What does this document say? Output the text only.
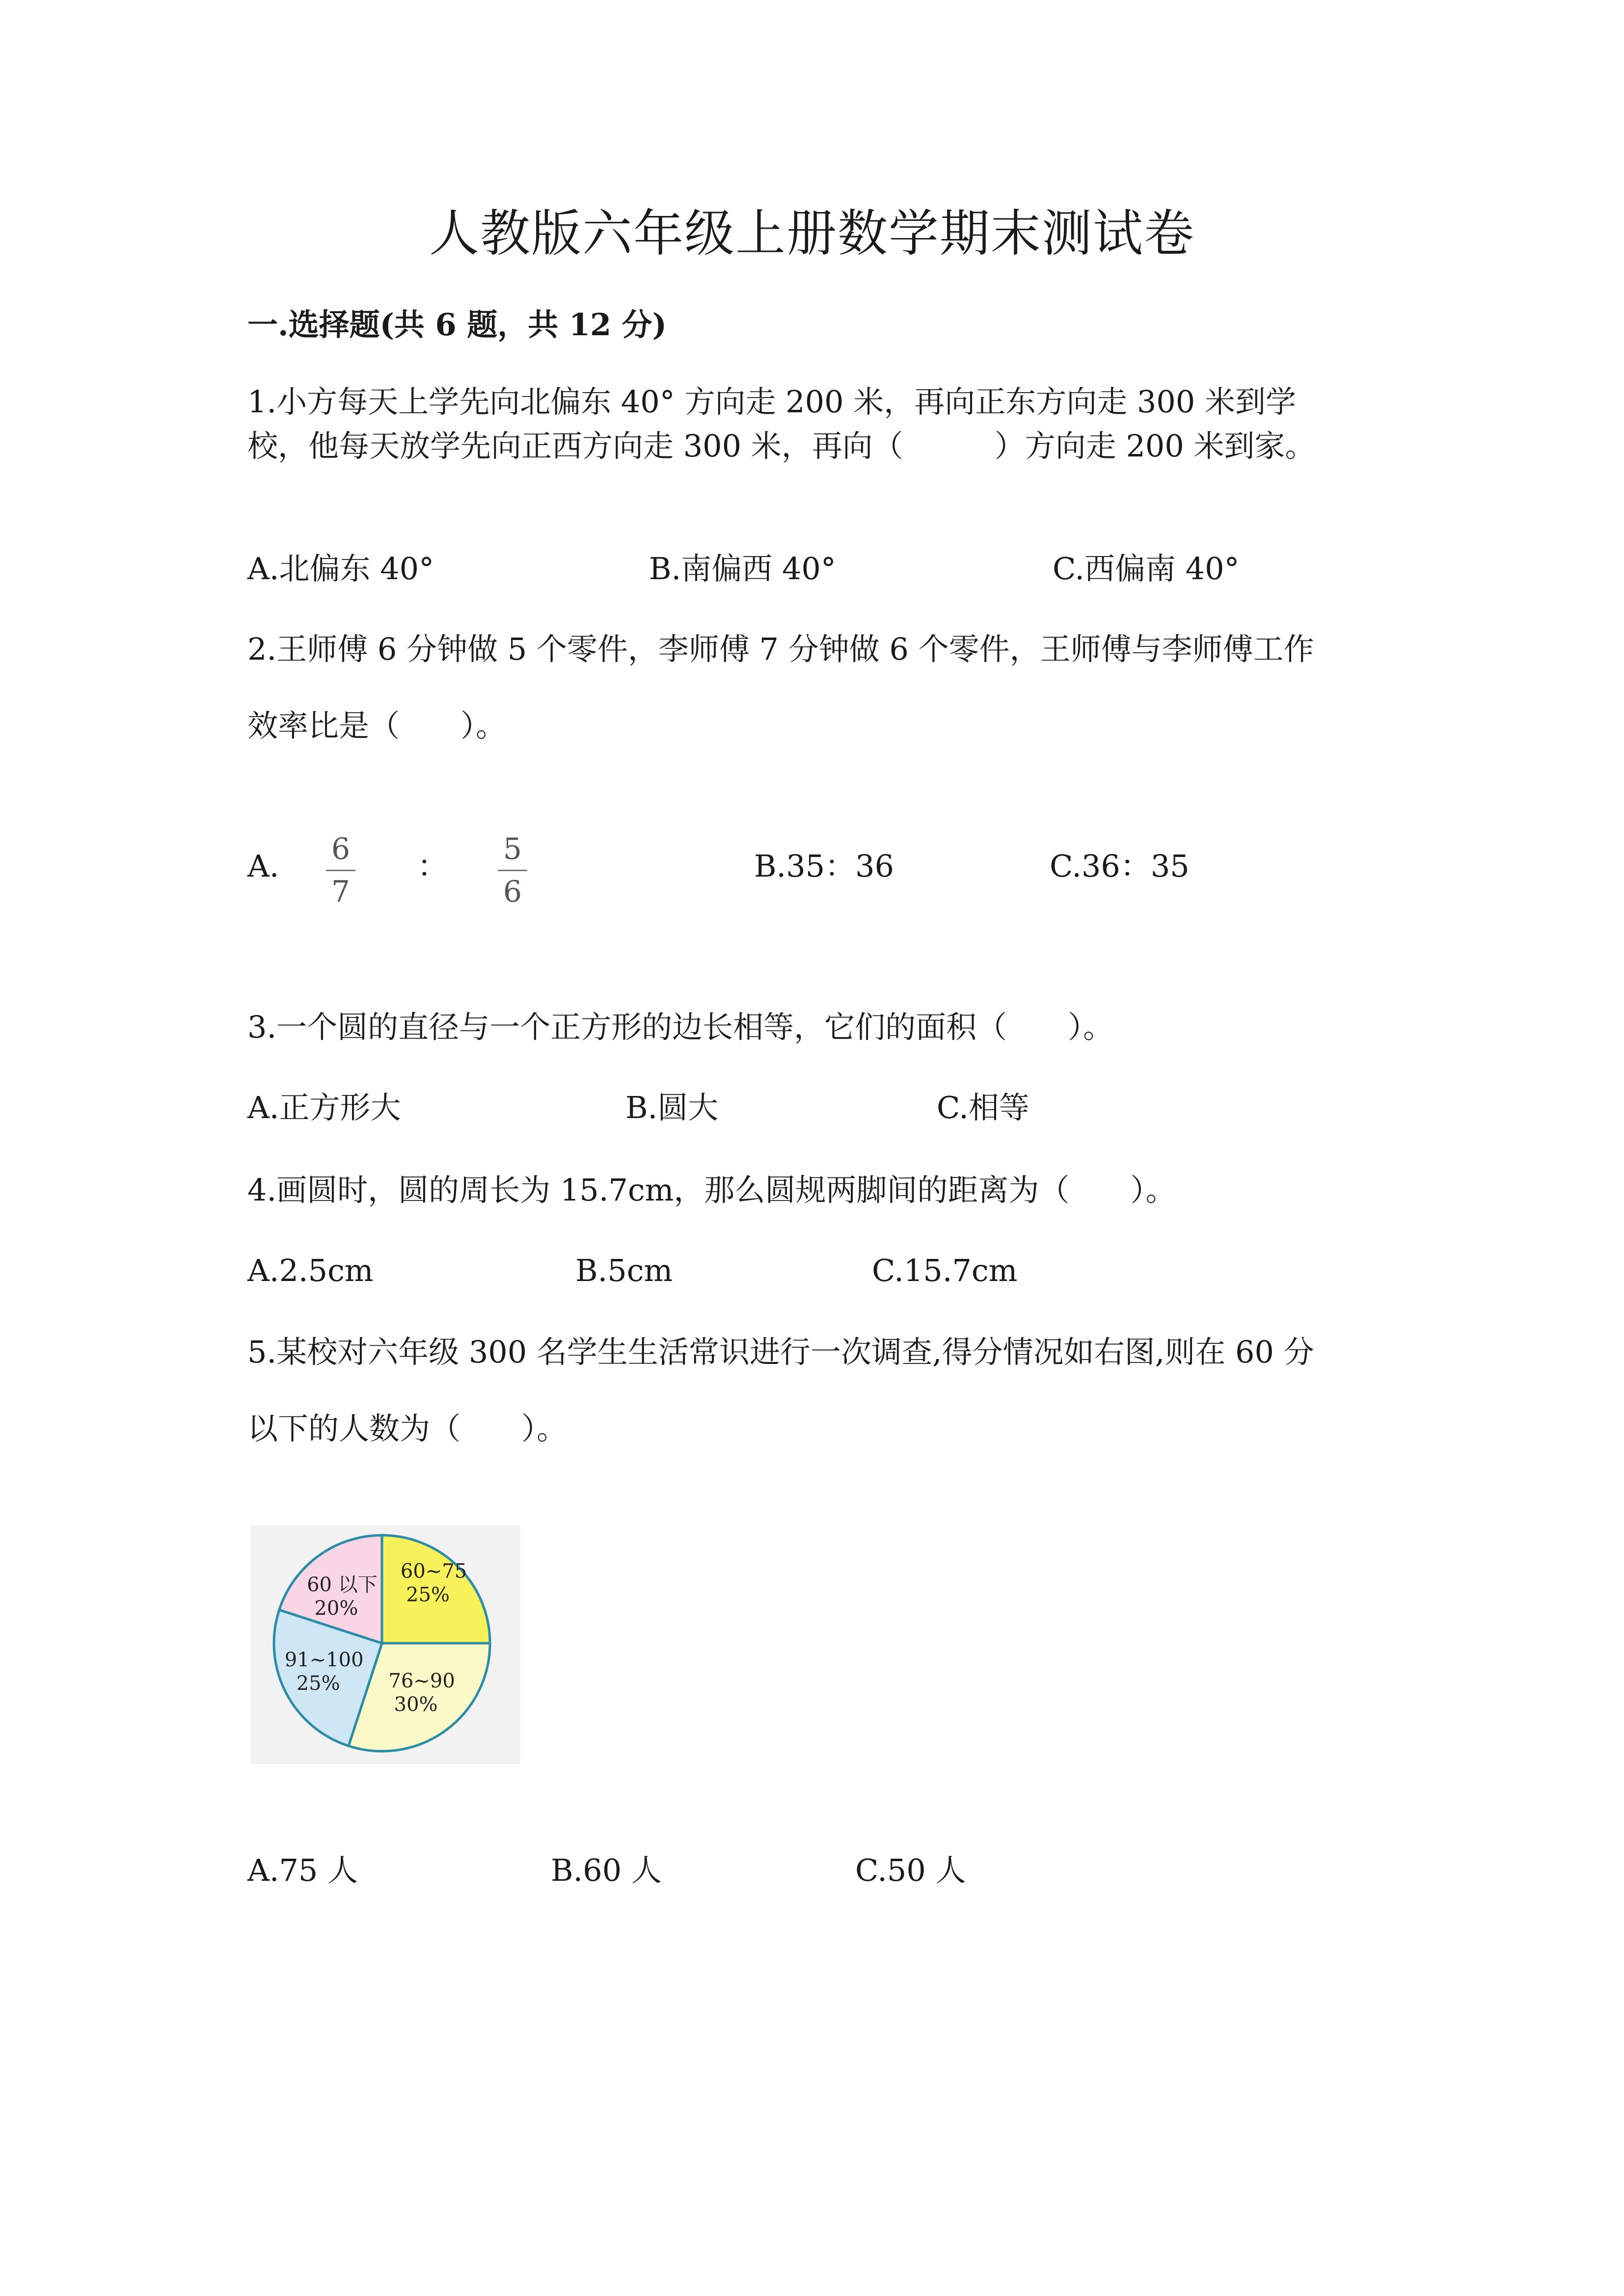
人教版六年级上册数学期末测试卷
一.选择题(共 6 题，共 12 分)
1.小方每天上学先向北偏东 40° 方向走 200 米，再向正东方向走 300 米到学
校，他每天放学先向正西方向走 300 米，再向（　　　）方向走 200 米到家。
A.北偏东 40°	B.南偏西 40°	C.西偏南 40°
2.王师傅 6 分钟做 5 个零件，李师傅 7 分钟做 6 个零件，王师傅与李师傅工作
效率比是（　　）。
A. 6
7
： 5
6
B.35：36	C.36：35
3.一个圆的直径与一个正方形的边长相等，它们的面积（　　）。
A.正方形大	B.圆大	C.相等
4.画圆时，圆的周长为 15.7cm，那么圆规两脚间的距离为（　　）。
A.2.5cm	B.5cm	C.15.7cm
5.某校对六年级 300 名学生生活常识进行一次调查,得分情况如右图,则在 60 分
以下的人数为（　　）。
60~75
25%
76~90
30%
91~100
25%
60 以下
20%
A.75 人	B.60 人	C.50 人
